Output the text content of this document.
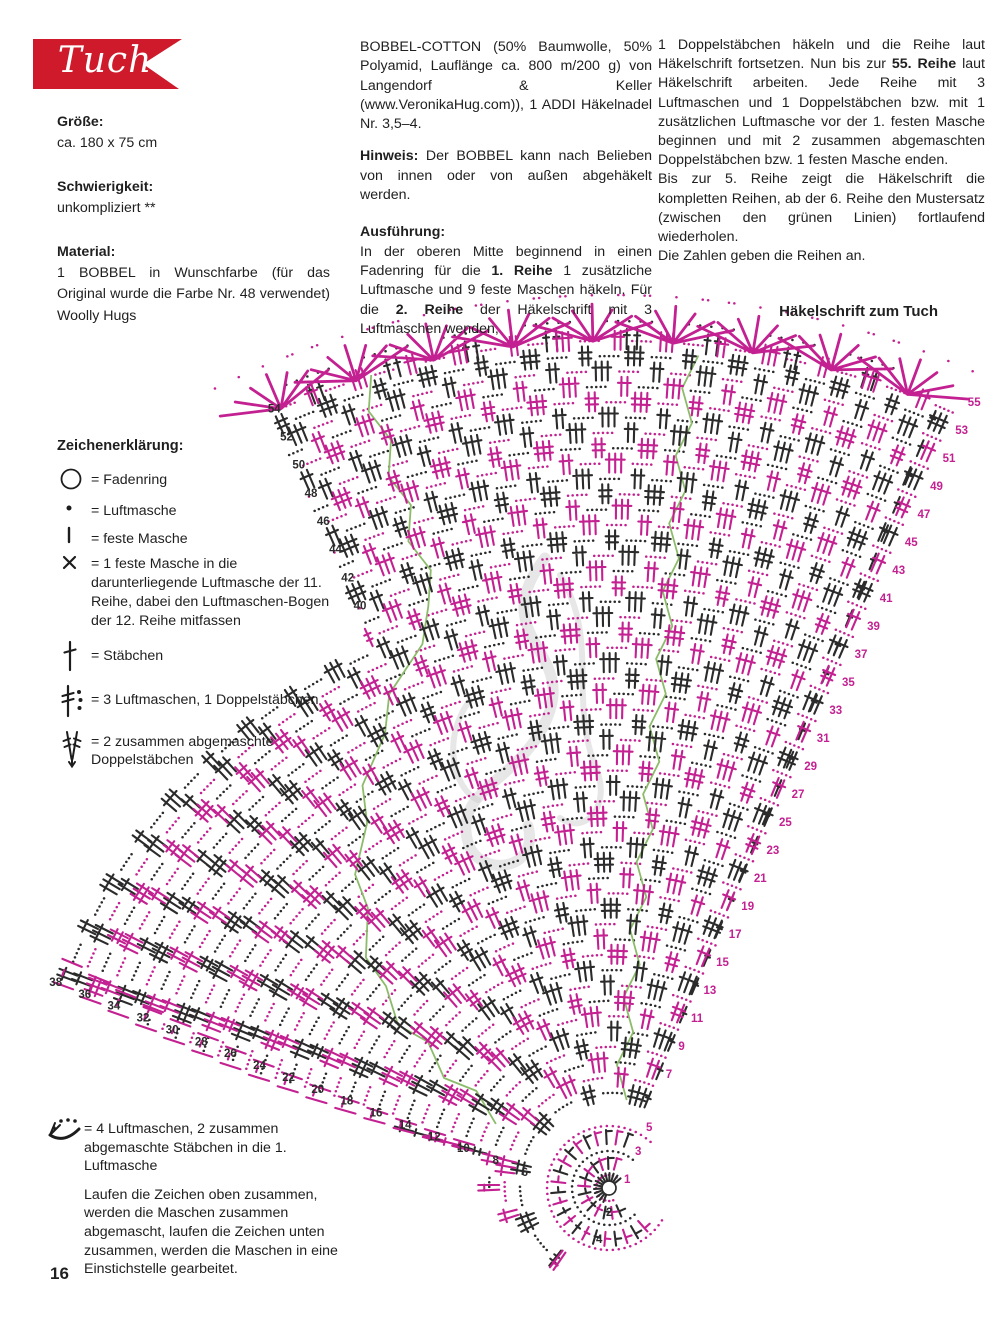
55
53
51
49
47
45
43
41
39
37
35
33
31
29
27
25
23
21
19
17
15
13
11
9
7
54
52
50
48
46
44
42
40
38
36
34
32
30
28
26
24
22
20
18
16
14
12
10
8
6
1
2
3
4
5
Tuch
Größe:
ca. 180 x 75 cm
Schwierigkeit:
unkompliziert **
Material:
1 BOBBEL in Wunschfarbe (für das Original wurde die Farbe Nr. 48 verwendet) Woolly Hugs

BOBBEL-COTTON (50% Baumwolle, 50% Polyamid, Lauflänge ca. 800 m/200 g) von Langendorf & Keller (www.VeronikaHug.com)), 1 ADDI Häkelnadel Nr. 3,5–4.

Hinweis: Der BOBBEL kann nach Belieben von innen oder von außen abgehäkelt werden.

Ausführung:

In der oberen Mitte beginnend in einen Fadenring für die 1. Reihe 1 zusätzliche Luftmasche und 9 feste Maschen häkeln. Für die 2. Reihe der Häkelschrift mit 3 Luftmaschen wenden,

1 Doppelstäbchen häkeln und die Reihe laut Häkelschrift fortsetzen. Nun bis zur 55. Reihe laut Häkelschrift arbeiten. Jede Reihe mit 3 Luftmaschen und 1 Doppelstäbchen bzw. mit 1 zusätzlichen Luftmasche vor der 1. festen Masche beginnen und mit 2 zusammen abgemaschten Doppelstäbchen bzw. 1 festen Masche enden.

Bis zur 5. Reihe zeigt die Häkelschrift die kompletten Reihen, ab der 6. Reihe den Mustersatz (zwischen den grünen Linien) fortlaufend wiederholen.

Die Zahlen geben die Reihen an.

Häkelschrift zum Tuch
Zeichenerklärung:
= Fadenring
= Luftmasche
= feste Masche
= 1 feste Masche in die darunterliegende Luftmasche der 11. Reihe, dabei den Luftmaschen-Bogen der 12. Reihe mitfassen
= Stäbchen
= 3 Luftmaschen, 1 Doppelstäbchen
= 2 zusammen abgemaschte Doppelstäbchen
= 4 Luftmaschen, 2 zusammen abgemaschte Stäbchen in die 1. Luftmasche
Laufen die Zeichen oben zusammen, werden die Maschen zusammen abgemascht, laufen die Zeichen unten zusammen, werden die Maschen in eine Einstichstelle gearbeitet.
16
